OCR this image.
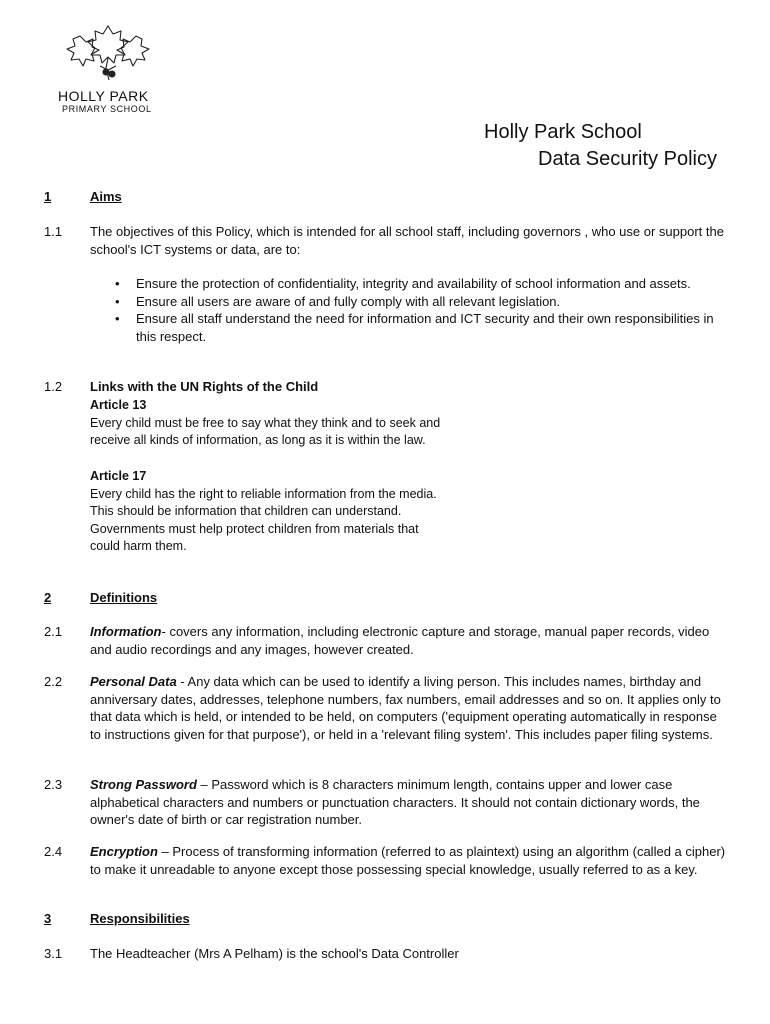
HOLLY PARK
PRIMARY SCHOOL
Holly Park School
Data Security Policy
1	Aims
1.1 The objectives of this Policy, which is intended for all school staff, including governors , who use or support the school's ICT systems or data, are to:
• Ensure the protection of confidentiality, integrity and availability of school information and assets.
• Ensure all users are aware of and fully comply with all relevant legislation.
• Ensure all staff understand the need for information and ICT security and their own responsibilities in this respect.
1.2 Links with the UN Rights of the Child
Article 13
Every child must be free to say what they think and to seek and
receive all kinds of information, as long as it is within the law.
Article 17
Every child has the right to reliable information from the media.
This should be information that children can understand.
Governments must help protect children from materials that
could harm them.
2	Definitions
2.1 Information- covers any information, including electronic capture and storage, manual paper records, video and audio recordings and any images, however created.
2.2 Personal Data - Any data which can be used to identify a living person. This includes names, birthday and anniversary dates, addresses, telephone numbers, fax numbers, email addresses and so on. It applies only to that data which is held, or intended to be held, on computers ('equipment operating automatically in response to instructions given for that purpose'), or held in a 'relevant filing system'. This includes paper filing systems.
2.3 Strong Password – Password which is 8 characters minimum length, contains upper and lower case alphabetical characters and numbers or punctuation characters. It should not contain dictionary words, the owner's date of birth or car registration number.
2.4 Encryption – Process of transforming information (referred to as plaintext) using an algorithm (called a cipher) to make it unreadable to anyone except those possessing special knowledge, usually referred to as a key.
3	Responsibilities
3.1 The Headteacher (Mrs A Pelham) is the school's Data Controller
